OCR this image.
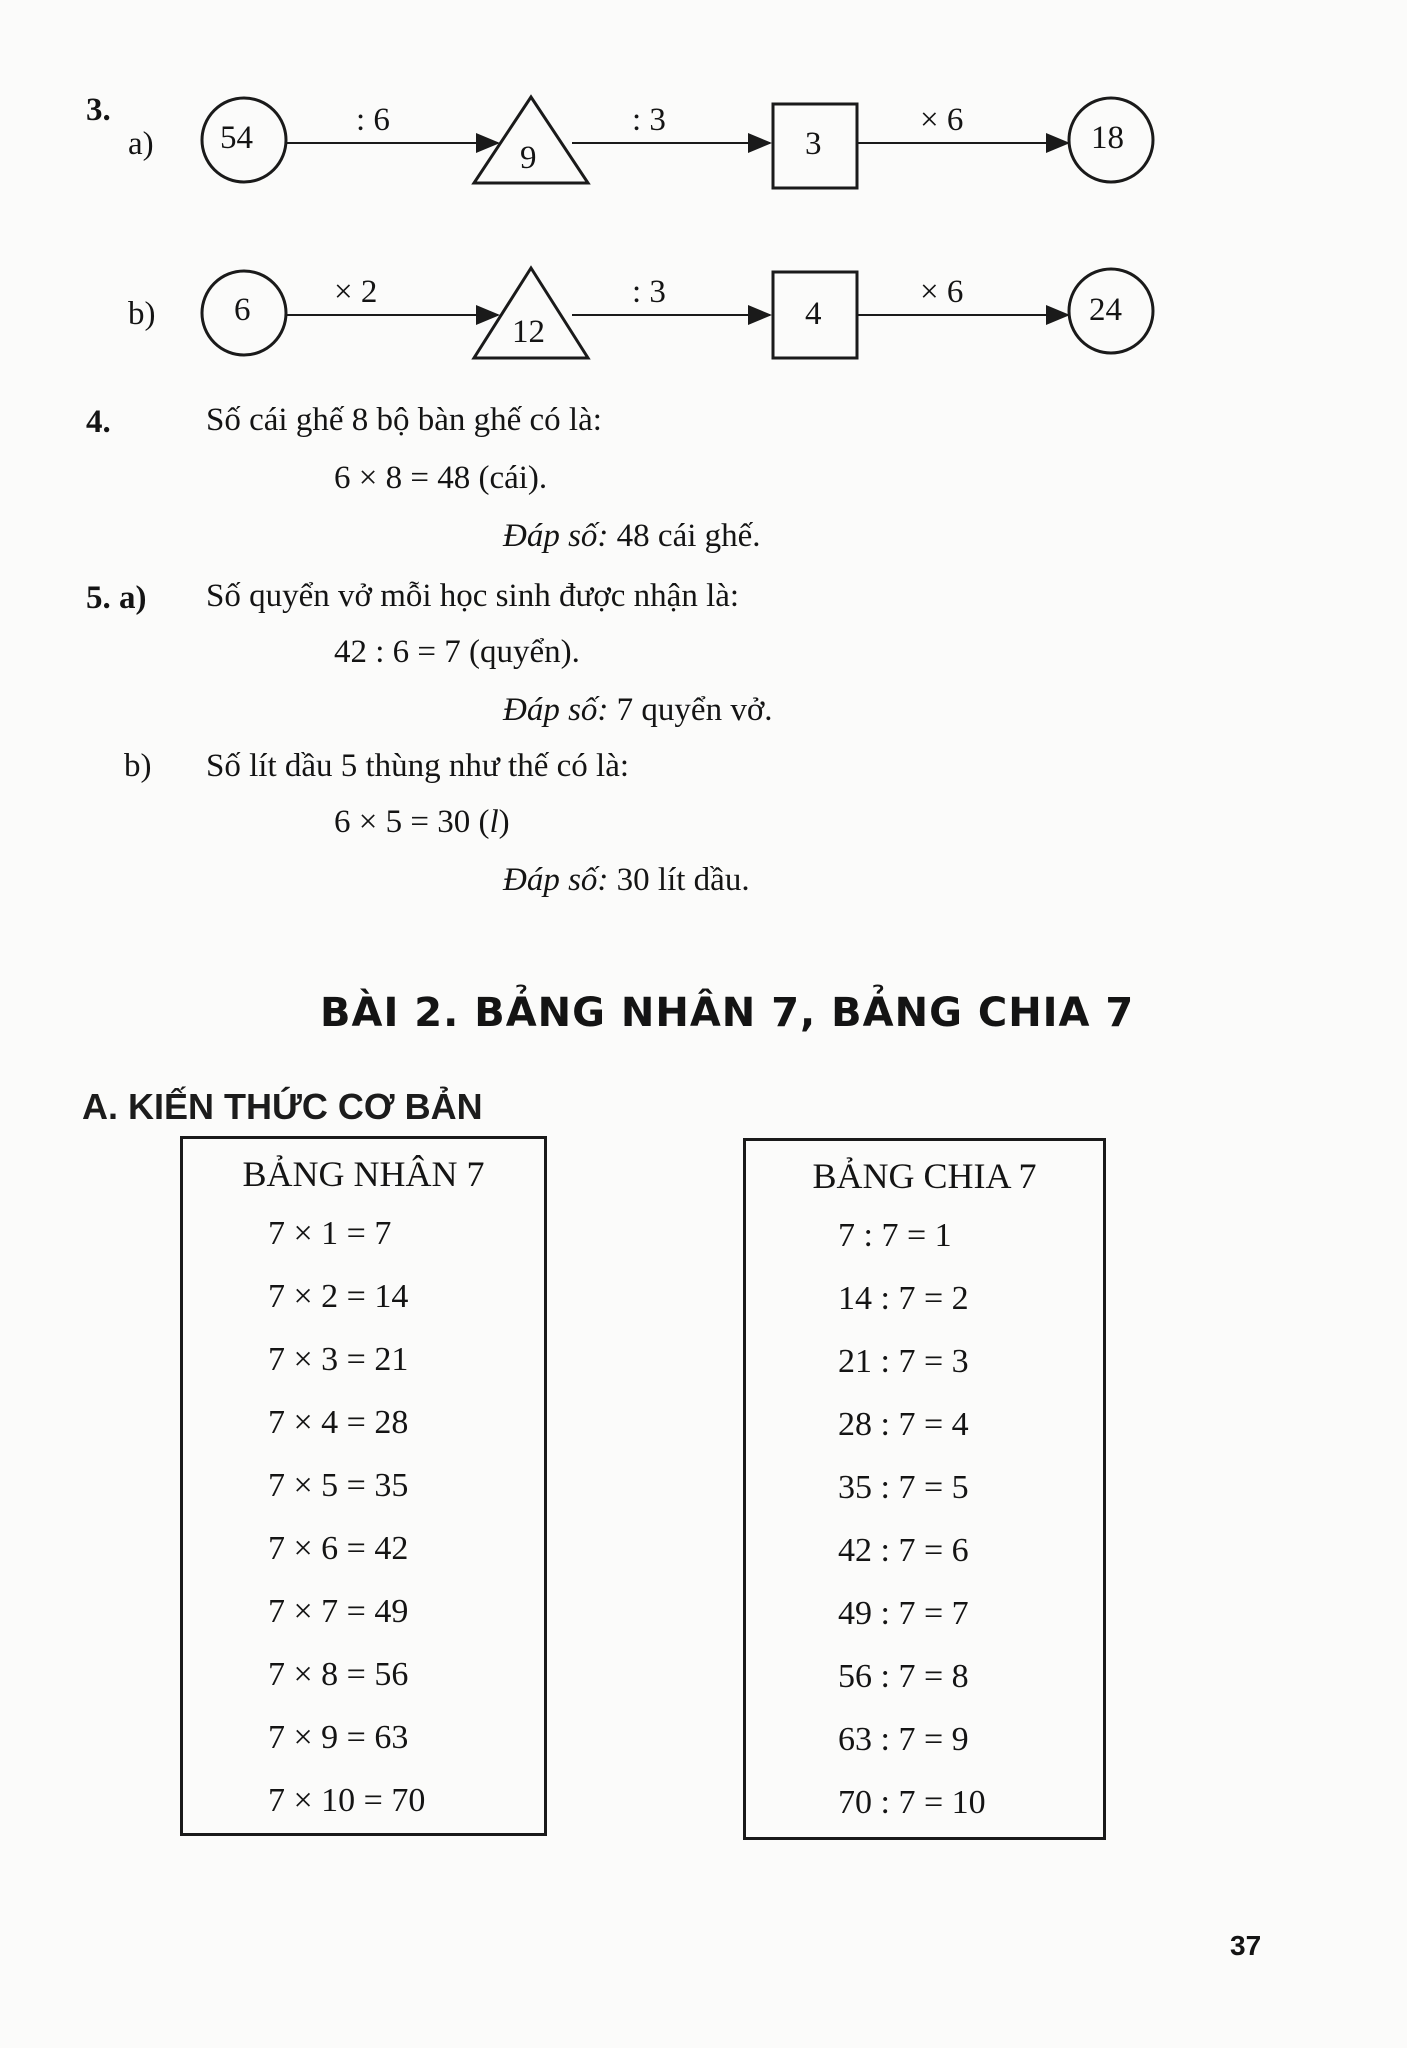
3.
a) 54	: 6
9
: 3
3
× 6	18
b) 6	× 2
12
: 3
4
× 6	24
4.	Số cái ghế 8 bộ bàn ghế có là:
6 × 8 = 48 (cái).
Đáp số: 48 cái ghế.
5. a) Số quyển vở mỗi học sinh được nhận là:
42 : 6 = 7 (quyển).
Đáp số: 7 quyển vở.
b) Số lít dầu 5 thùng như thế có là:
6 × 5 = 30 (l)
Đáp số: 30 lít dầu.
BÀI 2. BẢNG NHÂN 7, BẢNG CHIA 7
A. KIẾN THỨC CƠ BẢN
BẢNG NHÂN 7
7 × 1 = 7
7 × 2 = 14
7 × 3 = 21
7 × 4 = 28
7 × 5 = 35
7 × 6 = 42
7 × 7 = 49
7 × 8 = 56
7 × 9 = 63
7 × 10 = 70
BẢNG CHIA 7
7 : 7 = 1
14 : 7 = 2
21 : 7 = 3
28 : 7 = 4
35 : 7 = 5
42 : 7 = 6
49 : 7 = 7
56 : 7 = 8
63 : 7 = 9
70 : 7 = 10
37
